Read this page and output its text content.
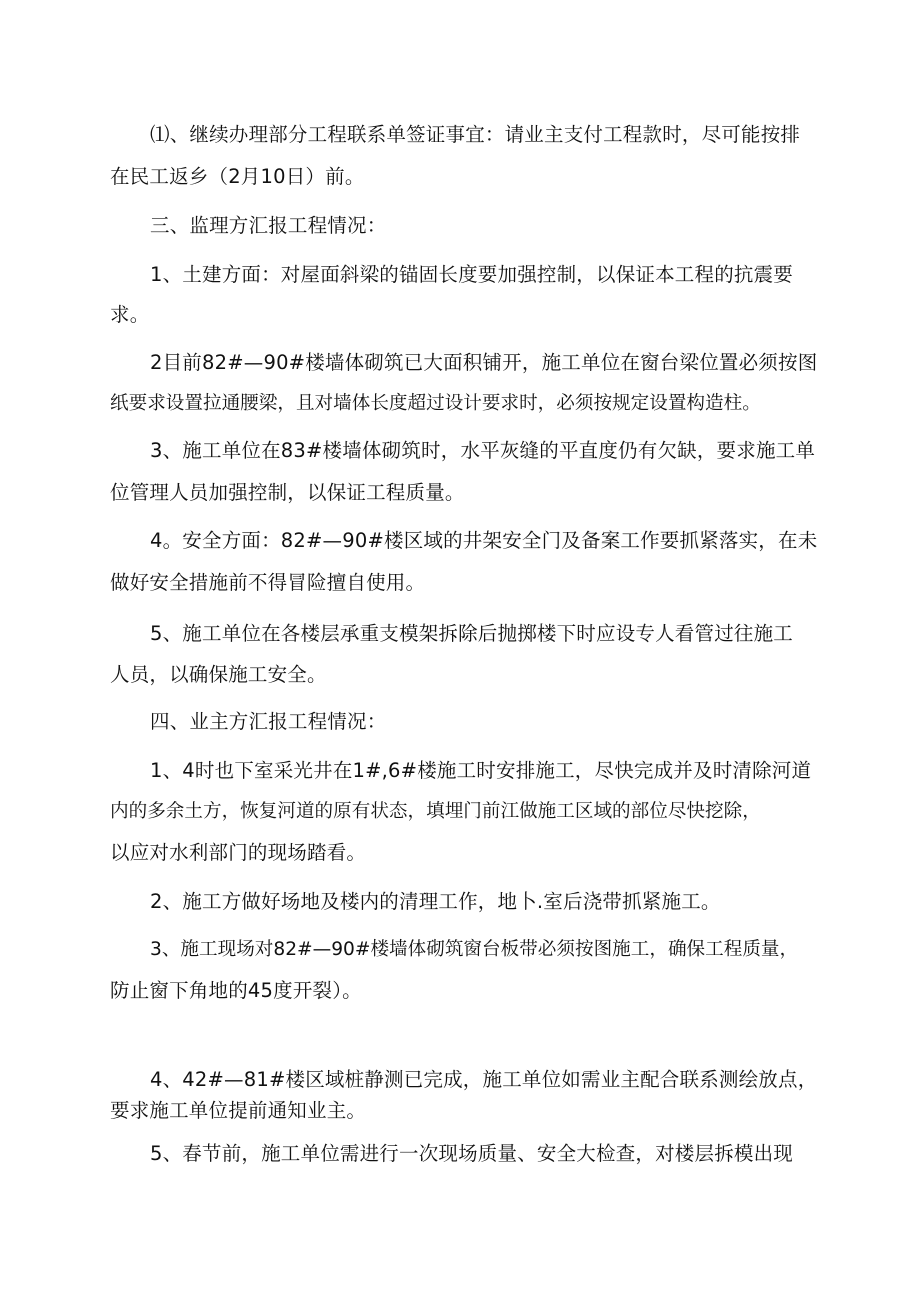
⑴、继续办理部分工程联系单签证事宜：请业主支付工程款时，尽可能按排

在民工返乡（2月10日）前。

三、监理方汇报工程情况：

1、土建方面：对屋面斜梁的锚固长度要加强控制，以保证本工程的抗震要

求。

2目前82#—90#楼墙体砌筑已大面积铺开，施工单位在窗台梁位置必须按图

纸要求设置拉通腰梁，且对墙体长度超过设计要求时，必须按规定设置构造柱。

3、施工单位在83#楼墙体砌筑时，水平灰缝的平直度仍有欠缺，要求施工单

位管理人员加强控制，以保证工程质量。

4。安全方面：82#—90#楼区域的井架安全门及备案工作要抓紧落实，在未

做好安全措施前不得冒险擅自使用。

5、施工单位在各楼层承重支模架拆除后抛掷楼下时应设专人看管过往施工

人员，以确保施工安全。

四、业主方汇报工程情况：

1、4时也下室采光井在1#,6#楼施工时安排施工，尽快完成并及时清除河道

内的多余土方，恢复河道的原有状态，填埋门前江做施工区域的部位尽快挖除，

以应对水利部门的现场踏看。

2、施工方做好场地及楼内的清理工作，地卜.室后浇带抓紧施工。

3、施工现场对82#—90#楼墙体砌筑窗台板带必须按图施工，确保工程质量，

防止窗下角地的45度开裂）。

4、42#—81#楼区域桩静测已完成，施工单位如需业主配合联系测绘放点，

要求施工单位提前通知业主。

5、春节前，施工单位需进行一次现场质量、安全大检查，对楼层拆模出现
